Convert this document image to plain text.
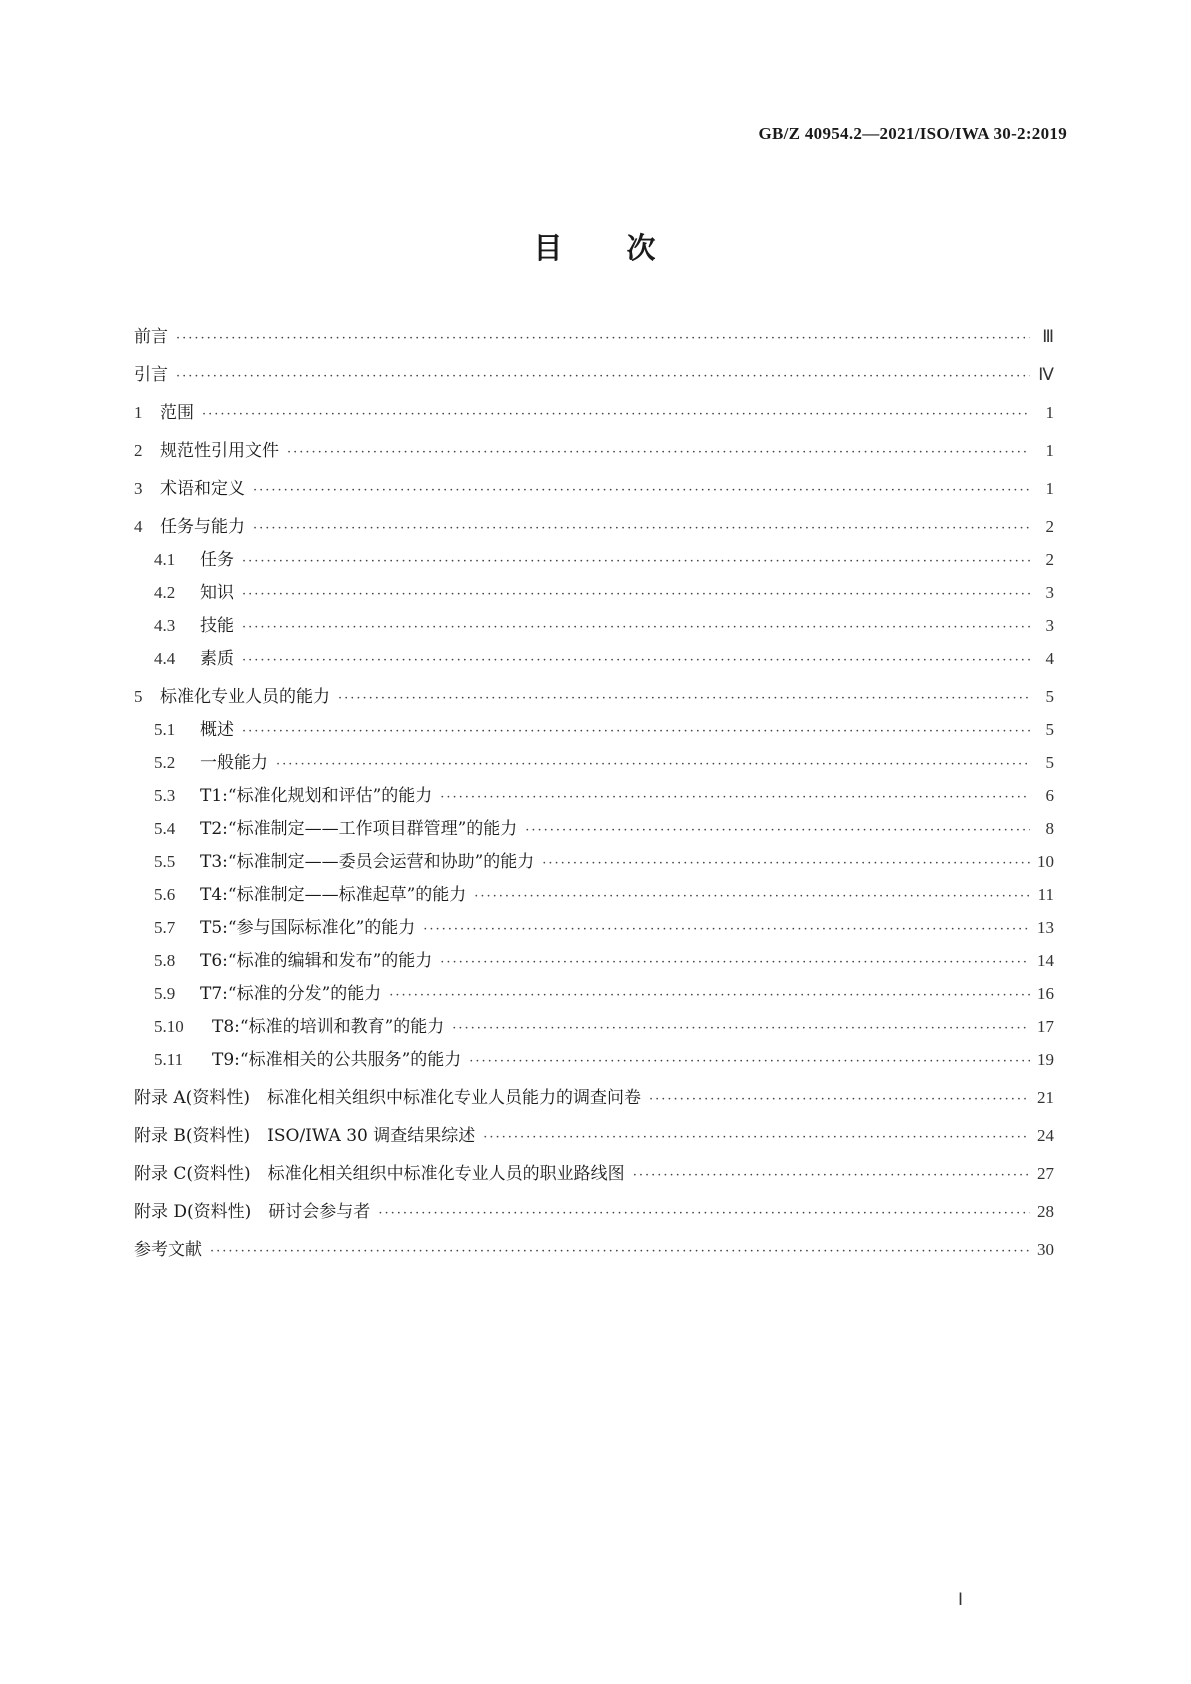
GB/Z 40954.2—2021/ISO/IWA 30-2:2019
目　　次
前言 ·····	Ⅲ
引言 ·····	Ⅳ
1	范围 ·····	1
2	规范性引用文件 ·····	1
3	术语和定义 ·····	1
4	任务与能力 ·····	2
4.1	任务 ·····	2
4.2	知识 ·····	3
4.3	技能 ·····	3
4.4	素质 ·····	4
5	标准化专业人员的能力 ·····	5
5.1	概述 ·····	5
5.2	一般能力 ·····	5
5.3	T1:“标准化规划和评估”的能力 ·····	6
5.4	T2:“标准制定——工作项目群管理”的能力 ·····	8
5.5	T3:“标准制定——委员会运营和协助”的能力 ·····	10
5.6	T4:“标准制定——标准起草”的能力 ·····	11
5.7	T5:“参与国际标准化”的能力 ·····	13
5.8	T6:“标准的编辑和发布”的能力 ·····	14
5.9	T7:“标准的分发”的能力 ·····	16
5.10	T8:“标准的培训和教育”的能力 ·····	17
5.11	T9:“标准相关的公共服务”的能力 ·····	19
附录 A(资料性)　标准化相关组织中标准化专业人员能力的调查问卷 ·····	21
附录 B(资料性)　ISO/IWA 30 调查结果综述 ·····	24
附录 C(资料性)　标准化相关组织中标准化专业人员的职业路线图 ·····	27
附录 D(资料性)　研讨会参与者 ·····	28
参考文献 ·····	30
Ⅰ
